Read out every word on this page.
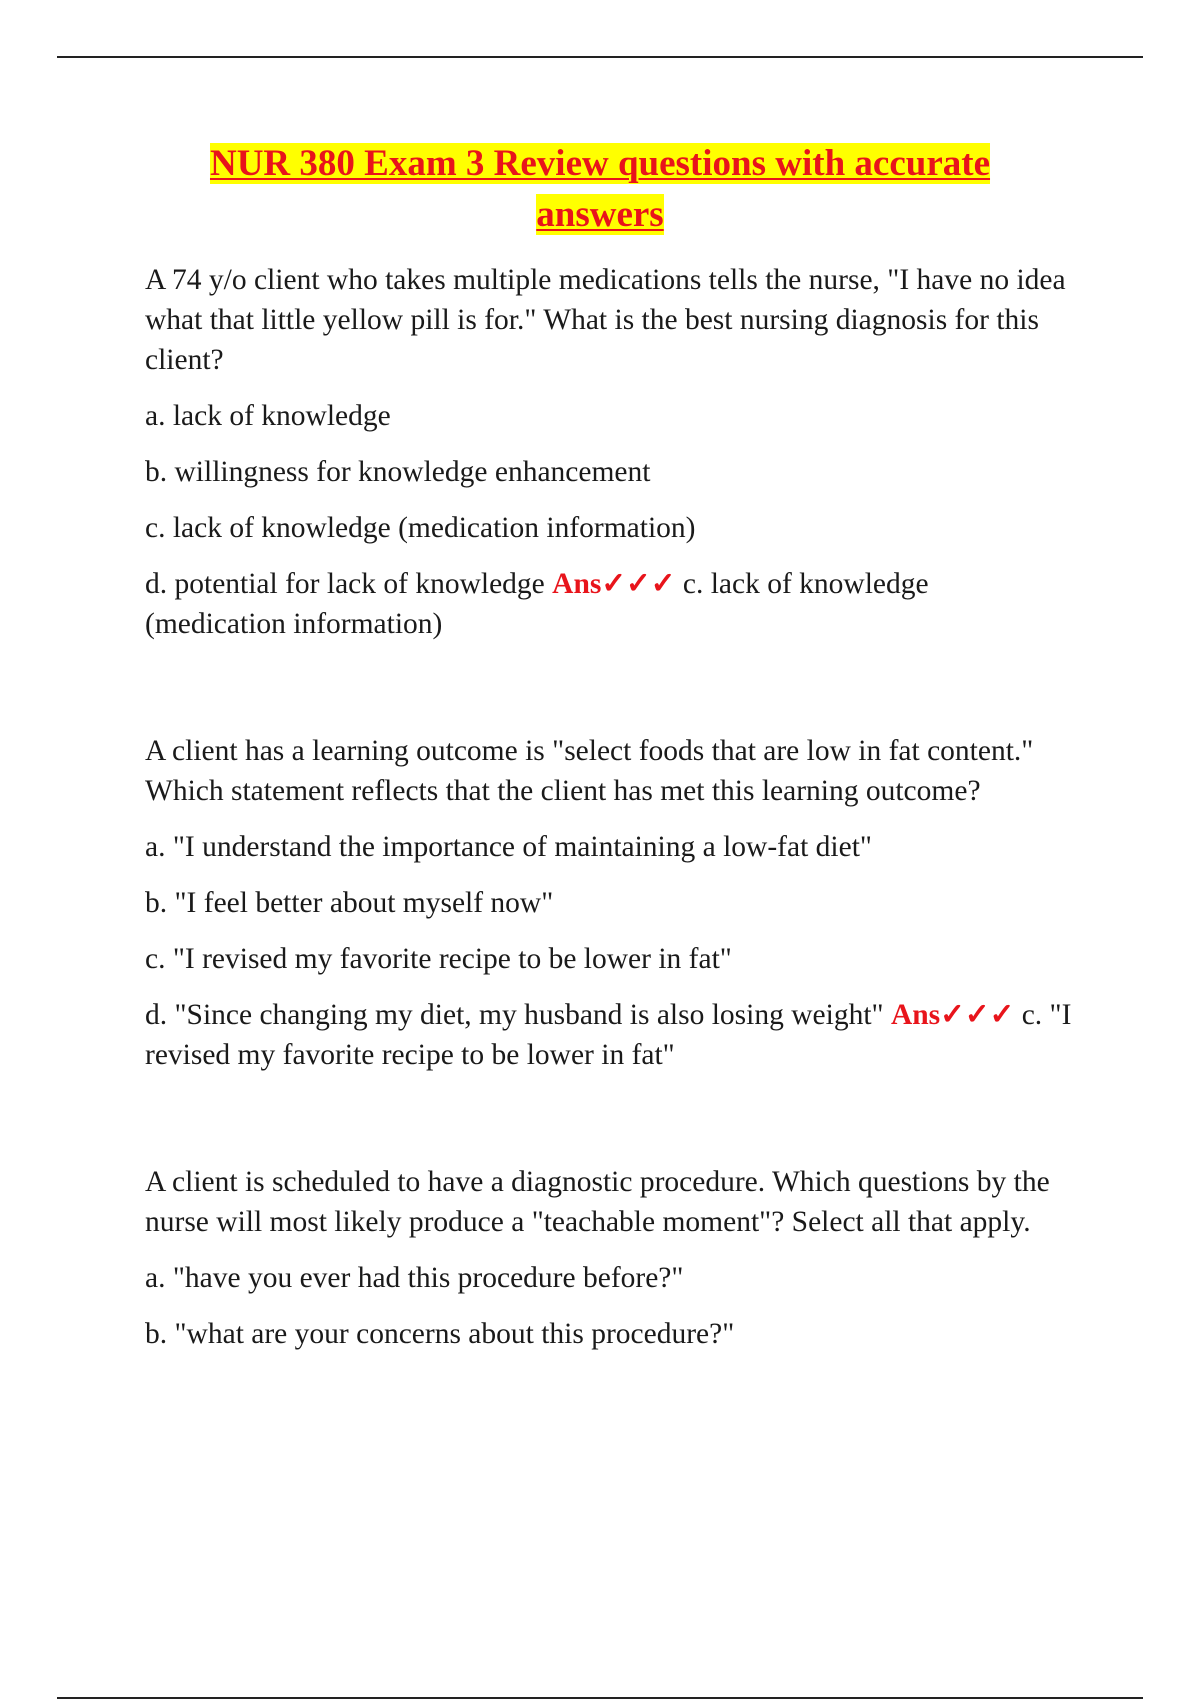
NUR 380 Exam 3 Review questions with accurate
answers

A 74 y/o client who takes multiple medications tells the nurse, "I have no idea what that little yellow pill is for." What is the best nursing diagnosis for this client?

a. lack of knowledge

b. willingness for knowledge enhancement

c. lack of knowledge (medication information)

d. potential for lack of knowledge Ans✓✓✓ c. lack of knowledge (medication information)

A client has a learning outcome is "select foods that are low in fat content." Which statement reflects that the client has met this learning outcome?

a. "I understand the importance of maintaining a low-fat diet"

b. "I feel better about myself now"

c. "I revised my favorite recipe to be lower in fat"

d. "Since changing my diet, my husband is also losing weight" Ans✓✓✓ c. "I revised my favorite recipe to be lower in fat"

A client is scheduled to have a diagnostic procedure. Which questions by the nurse will most likely produce a "teachable moment"? Select all that apply.

a. "have you ever had this procedure before?"

b. "what are your concerns about this procedure?"
